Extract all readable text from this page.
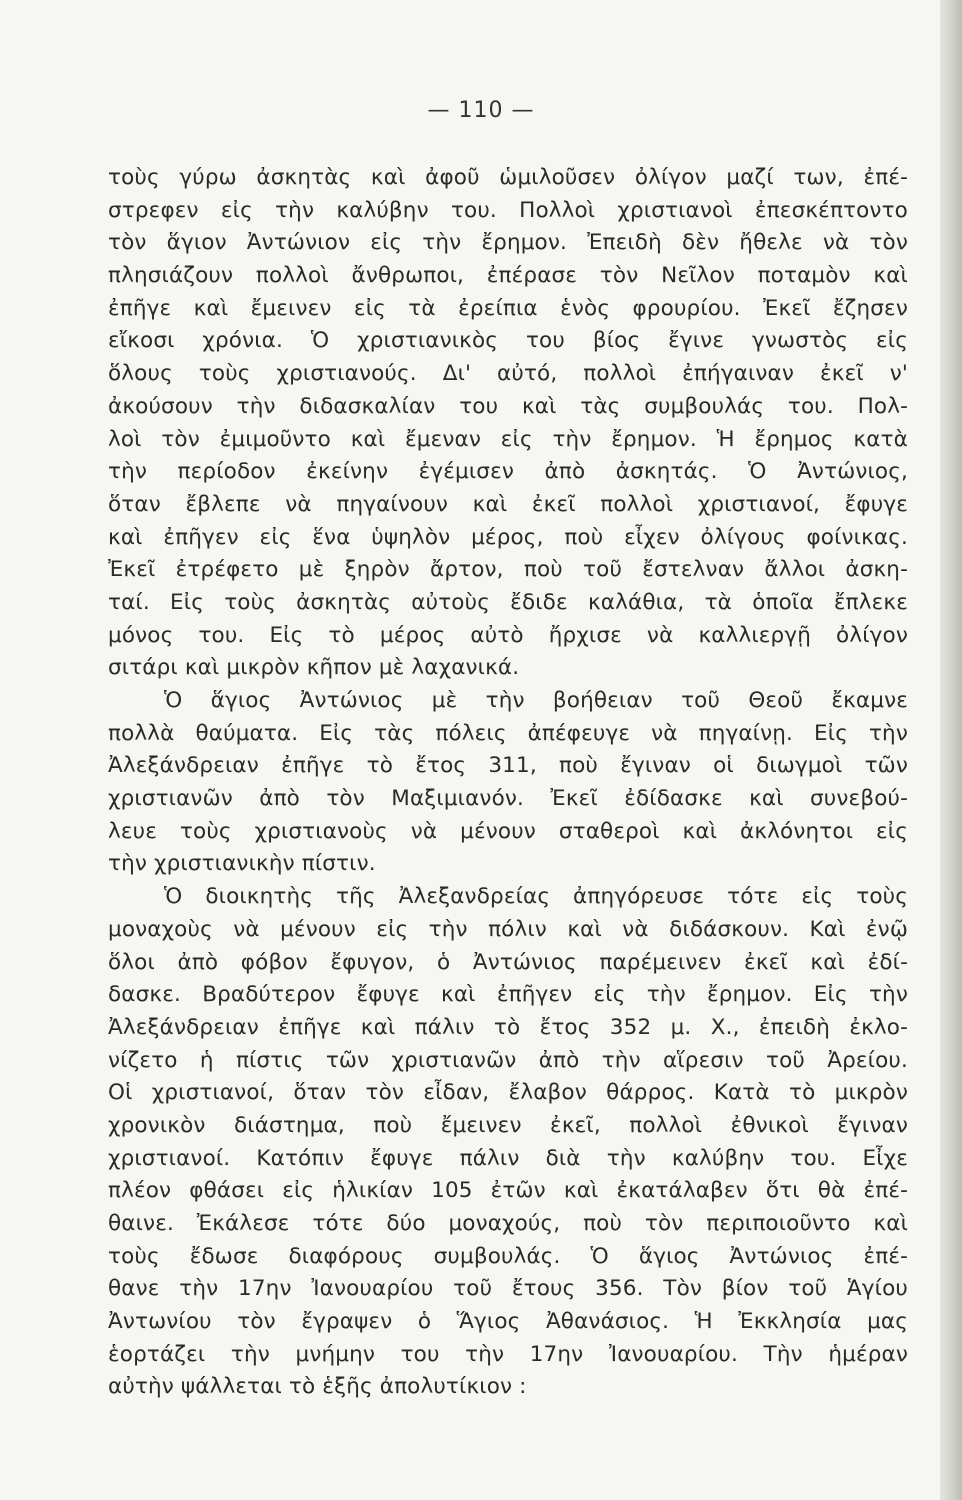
— 110 —
τοὺς γύρω ἀσκητὰς καὶ ἀφοῦ ὡμιλοῦσεν ὀλίγον μαζί των, ἐπέ-
στρεφεν εἰς τὴν καλύβην του. Πολλοὶ χριστιανοὶ ἐπεσκέπτοντο
τὸν ἅγιον Ἀντώνιον εἰς τὴν ἔρημον. Ἐπειδὴ δὲν ἤθελε νὰ τὸν
πλησιάζουν πολλοὶ ἄνθρωποι, ἐπέρασε τὸν Νεῖλον ποταμὸν καὶ
ἐπῆγε καὶ ἔμεινεν εἰς τὰ ἐρείπια ἑνὸς φρουρίου. Ἐκεῖ ἔζησεν
εἴκοσι χρόνια. Ὁ χριστιανικὸς του βίος ἔγινε γνωστὸς εἰς
ὅλους τοὺς χριστιανούς. Δι' αὐτό, πολλοὶ ἐπήγαιναν ἐκεῖ ν'
ἀκούσουν τὴν διδασκαλίαν του καὶ τὰς συμβουλάς του. Πολ-
λοὶ τὸν ἐμιμοῦντο καὶ ἔμεναν εἰς τὴν ἔρημον. Ἡ ἔρημος κατὰ
τὴν περίοδον ἐκείνην ἐγέμισεν ἀπὸ ἀσκητάς. Ὁ Ἀντώνιος,
ὅταν ἔβλεπε νὰ πηγαίνουν καὶ ἐκεῖ πολλοὶ χριστιανοί, ἔφυγε
καὶ ἐπῆγεν εἰς ἕνα ὑψηλὸν μέρος, ποὺ εἶχεν ὀλίγους φοίνικας.
Ἐκεῖ ἐτρέφετο μὲ ξηρὸν ἄρτον, ποὺ τοῦ ἔστελναν ἄλλοι ἀσκη-
ταί. Εἰς τοὺς ἀσκητὰς αὐτοὺς ἔδιδε καλάθια, τὰ ὁποῖα ἔπλεκε
μόνος του. Εἰς τὸ μέρος αὐτὸ ἤρχισε νὰ καλλιεργῇ ὀλίγον
σιτάρι καὶ μικρὸν κῆπον μὲ λαχανικά.
Ὁ ἅγιος Ἀντώνιος μὲ τὴν βοήθειαν τοῦ Θεοῦ ἔκαμνε
πολλὰ θαύματα. Εἰς τὰς πόλεις ἀπέφευγε νὰ πηγαίνῃ. Εἰς τὴν
Ἀλεξάνδρειαν ἐπῆγε τὸ ἔτος 311, ποὺ ἔγιναν οἱ διωγμοὶ τῶν
χριστιανῶν ἀπὸ τὸν Μαξιμιανόν. Ἐκεῖ ἐδίδασκε καὶ συνεβού-
λευε τοὺς χριστιανοὺς νὰ μένουν σταθεροὶ καὶ ἀκλόνητοι εἰς
τὴν χριστιανικὴν πίστιν.
Ὁ διοικητὴς τῆς Ἀλεξανδρείας ἀπηγόρευσε τότε εἰς τοὺς
μοναχοὺς νὰ μένουν εἰς τὴν πόλιν καὶ νὰ διδάσκουν. Καὶ ἐνῷ
ὅλοι ἀπὸ φόβον ἔφυγον, ὁ Ἀντώνιος παρέμεινεν ἐκεῖ καὶ ἐδί-
δασκε. Βραδύτερον ἔφυγε καὶ ἐπῆγεν εἰς τὴν ἔρημον. Εἰς τὴν
Ἀλεξάνδρειαν ἐπῆγε καὶ πάλιν τὸ ἔτος 352 μ. Χ., ἐπειδὴ ἐκλο-
νίζετο ἡ πίστις τῶν χριστιανῶν ἀπὸ τὴν αἵρεσιν τοῦ Ἀρείου.
Οἱ χριστιανοί, ὅταν τὸν εἶδαν, ἔλαβον θάρρος. Κατὰ τὸ μικρὸν
χρονικὸν διάστημα, ποὺ ἔμεινεν ἐκεῖ, πολλοὶ ἐθνικοὶ ἔγιναν
χριστιανοί. Κατόπιν ἔφυγε πάλιν διὰ τὴν καλύβην του. Εἶχε
πλέον φθάσει εἰς ἡλικίαν 105 ἐτῶν καὶ ἐκατάλαβεν ὅτι θὰ ἐπέ-
θαινε. Ἐκάλεσε τότε δύο μοναχούς, ποὺ τὸν περιποιοῦντο καὶ
τοὺς ἔδωσε διαφόρους συμβουλάς. Ὁ ἅγιος Ἀντώνιος ἐπέ-
θανε τὴν 17ην Ἰανουαρίου τοῦ ἔτους 356. Τὸν βίον τοῦ Ἁγίου
Ἀντωνίου τὸν ἔγραψεν ὁ Ἅγιος Ἀθανάσιος. Ἡ Ἐκκλησία μας
ἑορτάζει τὴν μνήμην του τὴν 17ην Ἰανουαρίου. Τὴν ἡμέραν
αὐτὴν ψάλλεται τὸ ἑξῆς ἀπολυτίκιον :
